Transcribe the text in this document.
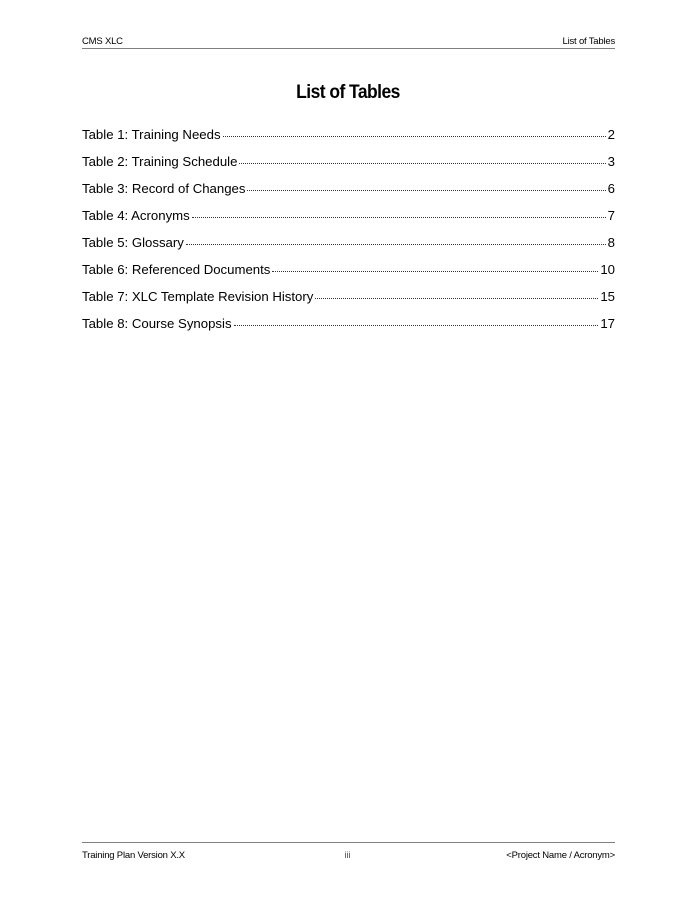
CMS XLC	List of Tables
List of Tables
Table 1: Training Needs	2
Table 2: Training Schedule	3
Table 3: Record of Changes	6
Table 4: Acronyms	7
Table 5: Glossary	8
Table 6: Referenced Documents	10
Table 7: XLC Template Revision History	15
Table 8: Course Synopsis	17
Training Plan Version X.X	iii	<Project Name / Acronym>
